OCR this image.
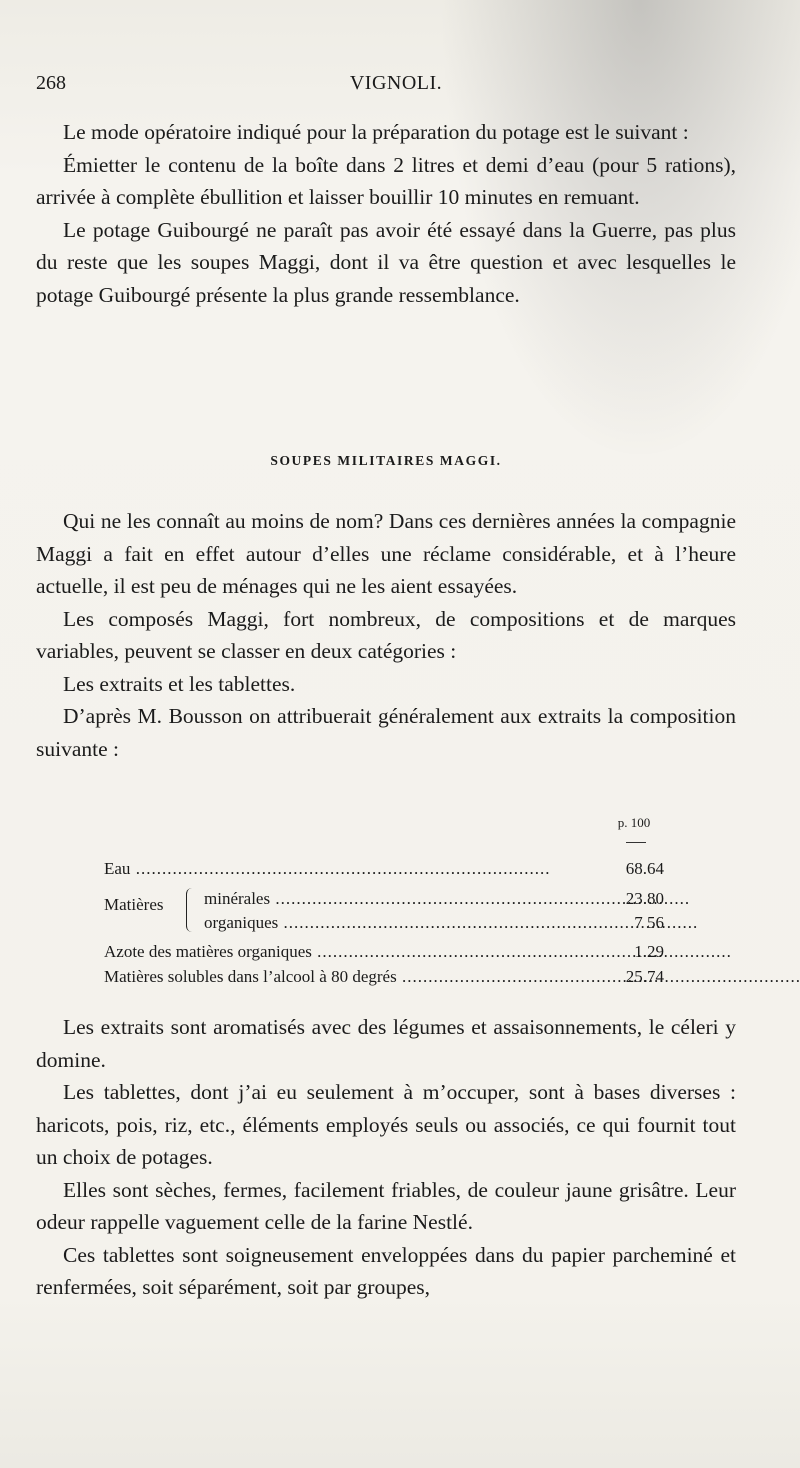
268	VIGNOLI.

Le mode opératoire indiqué pour la préparation du potage est le suivant :

Émietter le contenu de la boîte dans 2 litres et demi d’eau (pour 5 rations), arrivée à complète ébullition et laisser bouillir 10 minutes en remuant.

Le potage Guibourgé ne paraît pas avoir été essayé dans la Guerre, pas plus du reste que les soupes Maggi, dont il va être question et avec lesquelles le potage Guibourgé présente la plus grande ressemblance.

SOUPES MILITAIRES MAGGI.

Qui ne les connaît au moins de nom? Dans ces dernières années la compagnie Maggi a fait en effet autour d’elles une réclame considérable, et à l’heure actuelle, il est peu de ménages qui ne les aient essayées.

Les composés Maggi, fort nombreux, de compositions et de marques variables, peuvent se classer en deux catégories :

Les extraits et les tablettes.

D’après M. Bousson on attribuerait généralement aux extraits la composition suivante :

p. 100
Eau .....	68.64
Matières minérales .....	23.80
organiques .....	7 56
Azote des matières organiques .....	1.29
Matières solubles dans l’alcool à 80 degrés .....	25.74

Les extraits sont aromatisés avec des légumes et assaisonnements, le céleri y domine.

Les tablettes, dont j’ai eu seulement à m’occuper, sont à bases diverses : haricots, pois, riz, etc., éléments employés seuls ou associés, ce qui fournit tout un choix de potages.

Elles sont sèches, fermes, facilement friables, de couleur jaune grisâtre. Leur odeur rappelle vaguement celle de la farine Nestlé.

Ces tablettes sont soigneusement enveloppées dans du papier parcheminé et renfermées, soit séparément, soit par groupes,
